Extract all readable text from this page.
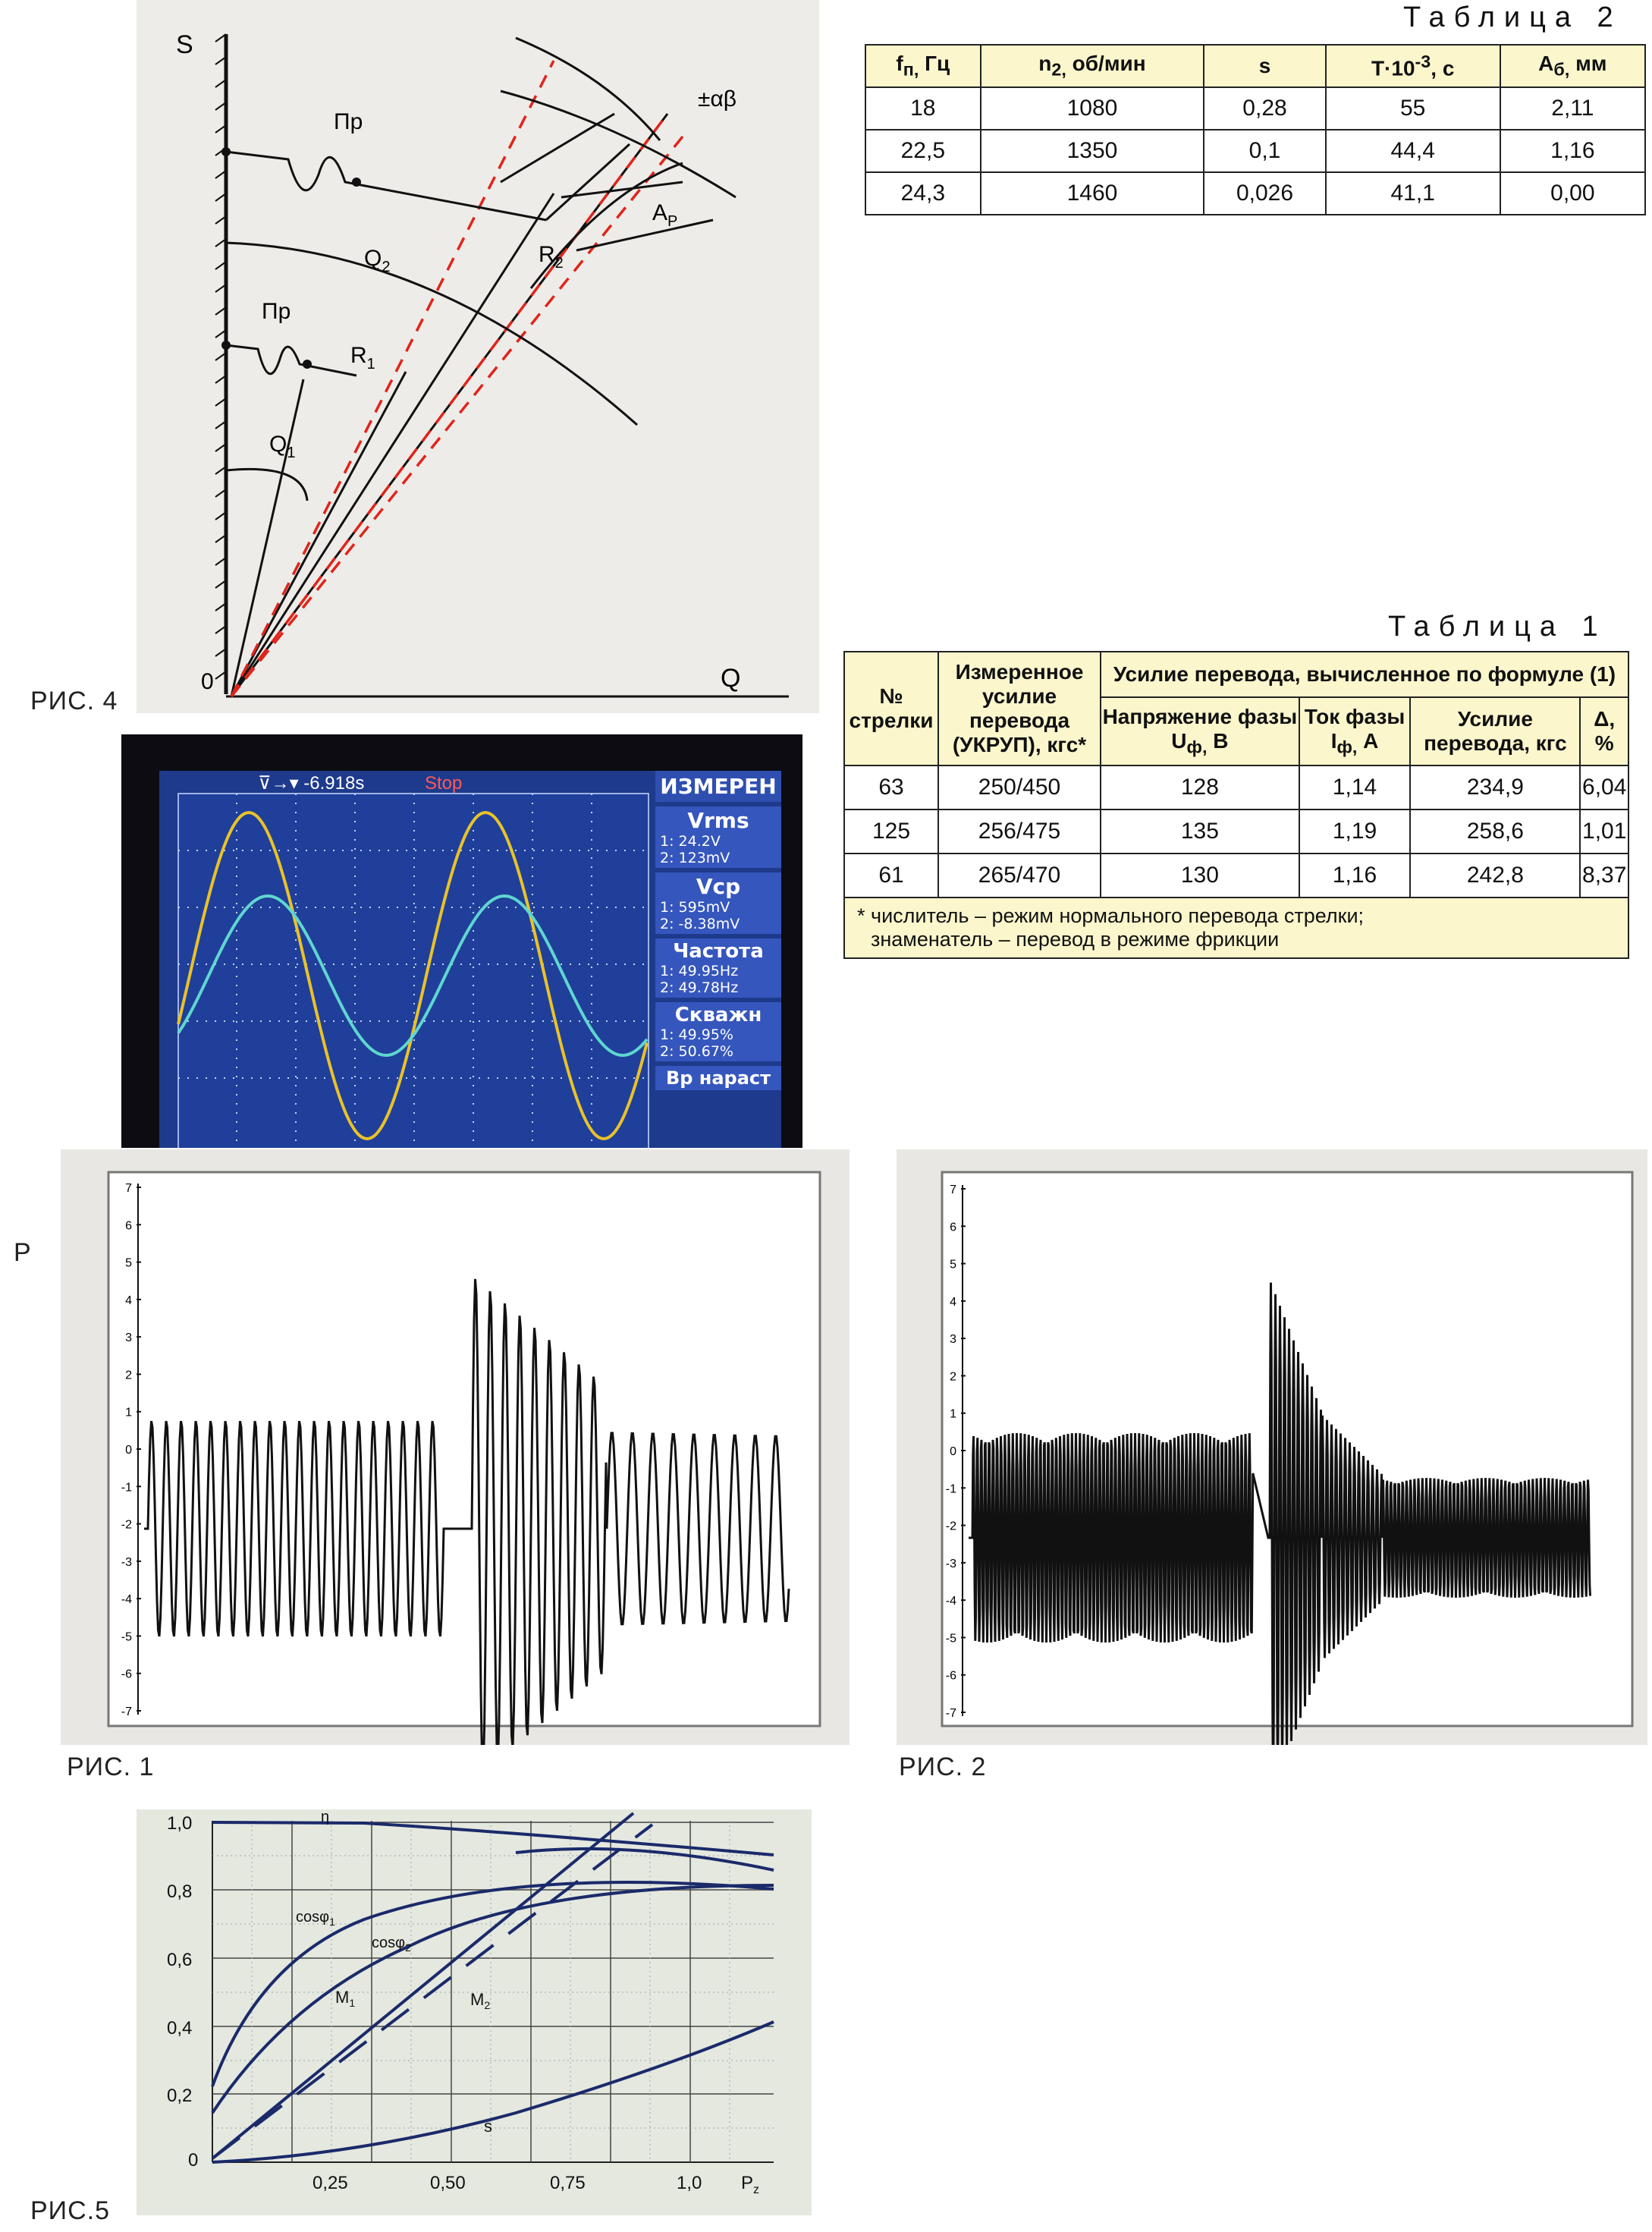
S
Q
0
Пр
Пр
$Q_2$
$Q_1$
$R_1$
$R_2$
$A_P$
±αβ
РИС. 4
Таблица 2
$f_{п,}$ Гц	$n_{2,}$ об/мин	s	$T\cdot 10^{-3}$, с	$A_{б,}$ мм
18	1080	0,28	55	2,11
22,5	1350	0,1	44,4	1,16
24,3	1460	0,026	41,1	0,00
Таблица 1
№ стрелки	Измеренное усилие перевода (УКРУП), кгс*	Усилие перевода, вычисленное по формуле (1)			
		Напряжение фазы $U_{ф,}$ В	Ток фазы $I_{ф,}$ А	Усилие перевода, кгс	Δ, %
63	250/450	128	1,14	234,9	6,04
125	256/475	135	1,19	258,6	1,01
61	265/470	130	1,16	242,8	8,37

* числитель – режим нормального перевода стрелки;
знаменатель – перевод в режиме фрикции					
⊽→▾ -6.918s	Stop	ИЗМЕРЕН
Vrms
1: 24.2V
2: 123mV
Vcp
1: 595mV
2: -8.38mV
Частота
1: 49.95Hz
2: 49.78Hz
Скважн
1: 49.95%
2: 50.67%
Вр нараст
Р
7
6
5
4
3
2
1
0
-1
-2
-3
-4
-5
-6
-7
РИС. 1
7
6
5
4
3
2
1
0
-1
-2
-3
-4
-5
-6
-7
РИС. 2
1,0
0,8
0,6
0,4
0,2
0
0,25	0,50	0,75	1,0 $P_z$
η
cosφ$_1$
cosφ$_2$
$M_1$	$M_2$
s
РИС.5
